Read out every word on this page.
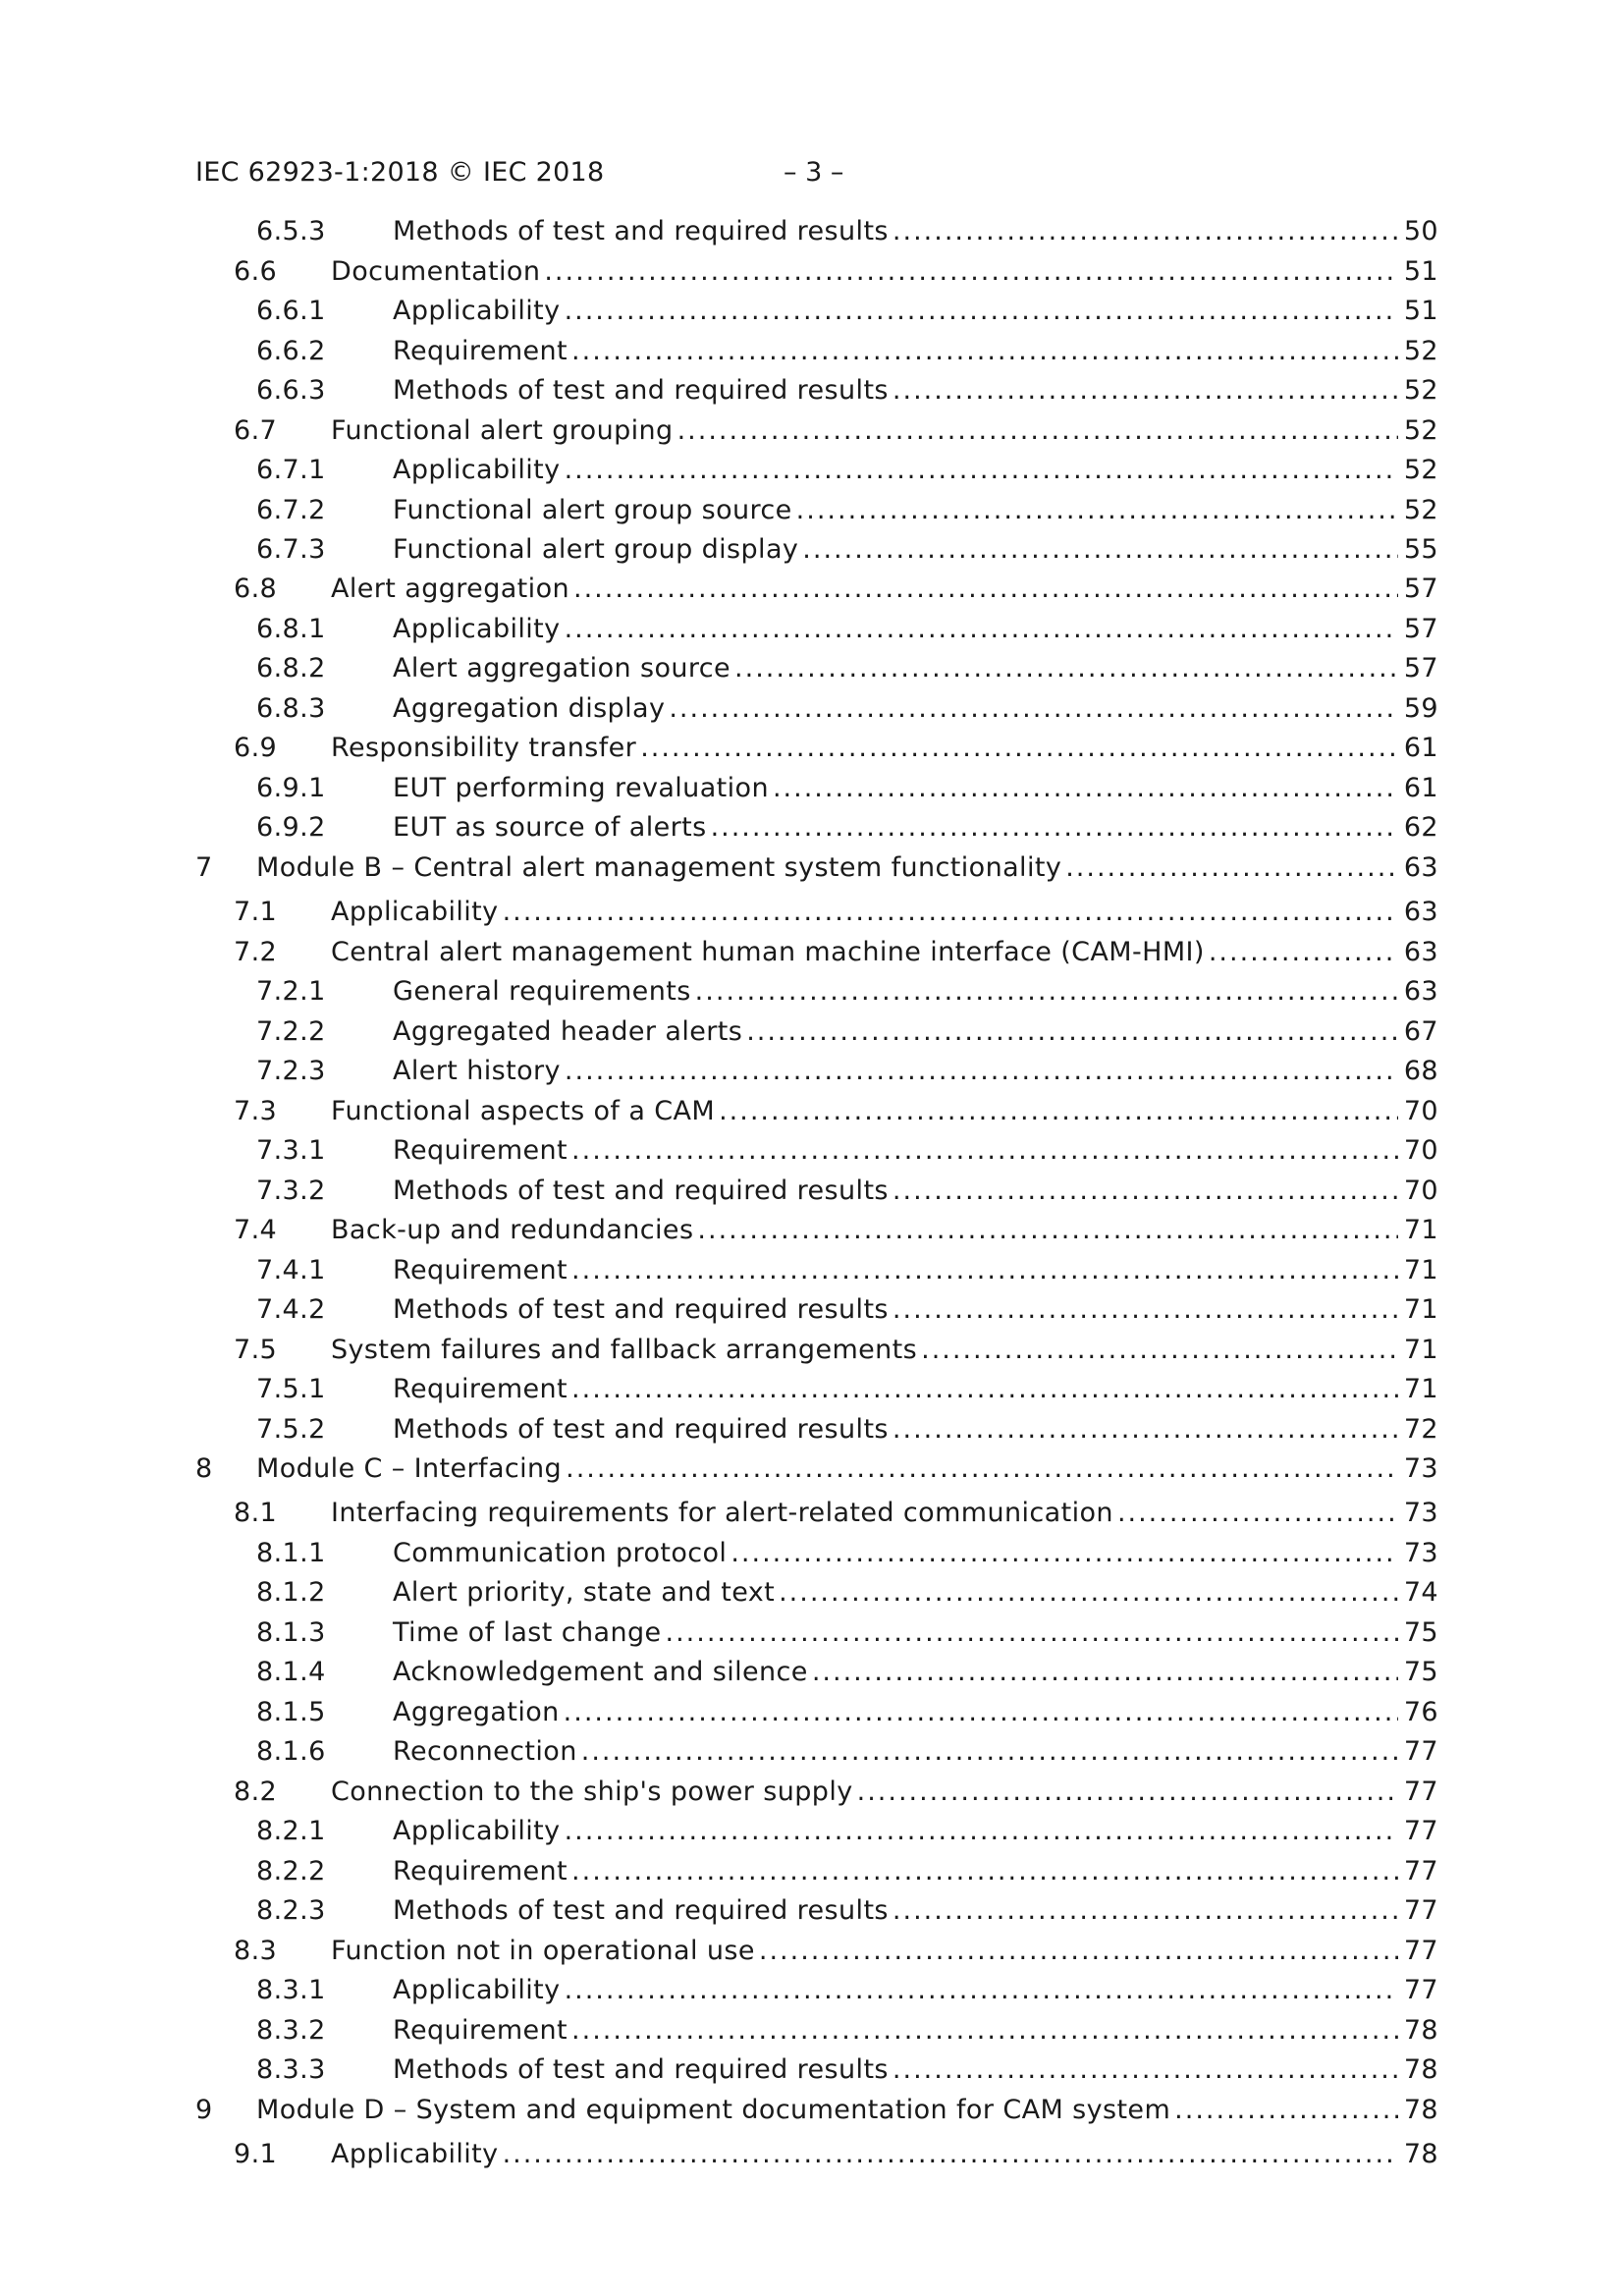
IEC 62923-1:2018 © IEC 2018	– 3 –
6.5.3	Methods of test and required results .....	50
6.6 Documentation .....	51
6.6.1	Applicability .....	51
6.6.2	Requirement .....	52
6.6.3	Methods of test and required results .....	52
6.7 Functional alert grouping .....	52
6.7.1	Applicability .....	52
6.7.2	Functional alert group source .....	52
6.7.3	Functional alert group display .....	55
6.8 Alert aggregation .....	57
6.8.1	Applicability .....	57
6.8.2	Alert aggregation source .....	57
6.8.3	Aggregation display .....	59
6.9 Responsibility transfer .....	61
6.9.1	EUT performing revaluation .....	61
6.9.2	EUT as source of alerts .....	62
7 Module B – Central alert management system functionality .....	63
7.1 Applicability .....	63
7.2 Central alert management human machine interface (CAM-HMI) .....	63
7.2.1	General requirements .....	63
7.2.2	Aggregated header alerts .....	67
7.2.3	Alert history .....	68
7.3 Functional aspects of a CAM .....	70
7.3.1	Requirement .....	70
7.3.2	Methods of test and required results .....	70
7.4 Back-up and redundancies .....	71
7.4.1	Requirement .....	71
7.4.2	Methods of test and required results .....	71
7.5 System failures and fallback arrangements .....	71
7.5.1	Requirement .....	71
7.5.2	Methods of test and required results .....	72
8 Module C – Interfacing .....	73
8.1 Interfacing requirements for alert-related communication .....	73
8.1.1	Communication protocol .....	73
8.1.2	Alert priority, state and text .....	74
8.1.3	Time of last change .....	75
8.1.4	Acknowledgement and silence .....	75
8.1.5	Aggregation .....	76
8.1.6	Reconnection .....	77
8.2 Connection to the ship's power supply .....	77
8.2.1	Applicability .....	77
8.2.2	Requirement .....	77
8.2.3	Methods of test and required results .....	77
8.3 Function not in operational use .....	77
8.3.1	Applicability .....	77
8.3.2	Requirement .....	78
8.3.3	Methods of test and required results .....	78
9 Module D – System and equipment documentation for CAM system .....	78
9.1 Applicability .....	78
